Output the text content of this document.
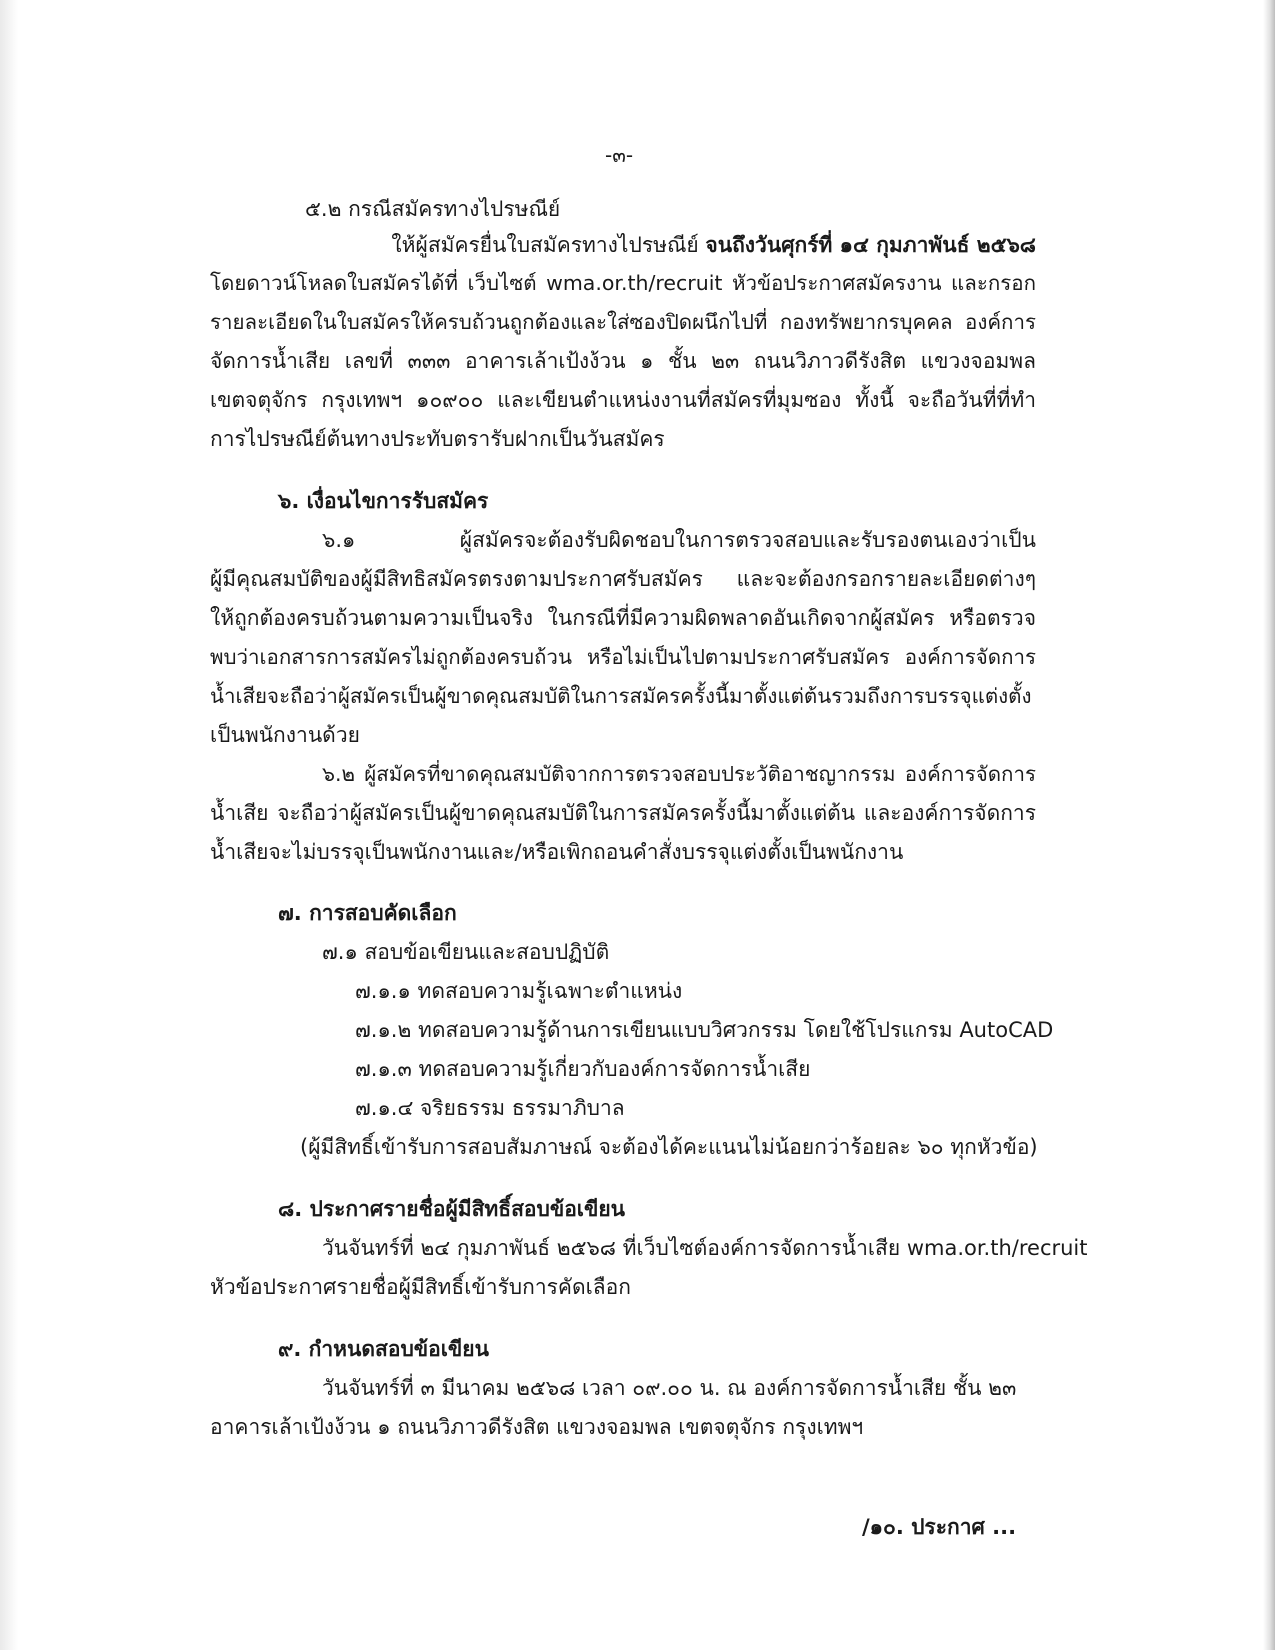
-๓-

๕.๒ กรณีสมัครทางไปรษณีย์

ให้ผู้สมัครยื่นใบสมัครทางไปรษณีย์ จนถึงวันศุกร์ที่ ๑๔ กุมภาพันธ์ ๒๕๖๘

โดยดาวน์โหลดใบสมัครได้ที่ เว็บไซต์ wma.or.th/recruit หัวข้อประกาศสมัครงาน และกรอก

รายละเอียดในใบสมัครให้ครบถ้วนถูกต้องและใส่ซองปิดผนึกไปที่ กองทรัพยากรบุคคล องค์การ

จัดการน้ำเสีย เลขที่ ๓๓๓ อาคารเล้าเป้งง้วน ๑ ชั้น ๒๓ ถนนวิภาวดีรังสิต แขวงจอมพล

เขตจตุจักร กรุงเทพฯ ๑๐๙๐๐ และเขียนตำแหน่งงานที่สมัครที่มุมซอง ทั้งนี้ จะถือวันที่ที่ทำ

การไปรษณีย์ต้นทางประทับตรารับฝากเป็นวันสมัคร

๖. เงื่อนไขการรับสมัคร

๖.๑ ผู้สมัครจะต้องรับผิดชอบในการตรวจสอบและรับรองตนเองว่าเป็น

ผู้มีคุณสมบัติของผู้มีสิทธิสมัครตรงตามประกาศรับสมัคร และจะต้องกรอกรายละเอียดต่างๆ

ให้ถูกต้องครบถ้วนตามความเป็นจริง ในกรณีที่มีความผิดพลาดอันเกิดจากผู้สมัคร หรือตรวจ

พบว่าเอกสารการสมัครไม่ถูกต้องครบถ้วน หรือไม่เป็นไปตามประกาศรับสมัคร องค์การจัดการ

น้ำเสียจะถือว่าผู้สมัครเป็นผู้ขาดคุณสมบัติในการสมัครครั้งนี้มาตั้งแต่ต้นรวมถึงการบรรจุแต่งตั้ง

เป็นพนักงานด้วย

๖.๒ ผู้สมัครที่ขาดคุณสมบัติจากการตรวจสอบประวัติอาชญากรรม องค์การจัดการ

น้ำเสีย จะถือว่าผู้สมัครเป็นผู้ขาดคุณสมบัติในการสมัครครั้งนี้มาตั้งแต่ต้น และองค์การจัดการ

น้ำเสียจะไม่บรรจุเป็นพนักงานและ/หรือเพิกถอนคำสั่งบรรจุแต่งตั้งเป็นพนักงาน

๗. การสอบคัดเลือก

๗.๑ สอบข้อเขียนและสอบปฏิบัติ

๗.๑.๑ ทดสอบความรู้เฉพาะตำแหน่ง

๗.๑.๒ ทดสอบความรู้ด้านการเขียนแบบวิศวกรรม โดยใช้โปรแกรม AutoCAD

๗.๑.๓ ทดสอบความรู้เกี่ยวกับองค์การจัดการน้ำเสีย

๗.๑.๔ จริยธรรม ธรรมาภิบาล

(ผู้มีสิทธิ์เข้ารับการสอบสัมภาษณ์ จะต้องได้คะแนนไม่น้อยกว่าร้อยละ ๖๐ ทุกหัวข้อ)

๘. ประกาศรายชื่อผู้มีสิทธิ์สอบข้อเขียน

วันจันทร์ที่ ๒๔ กุมภาพันธ์ ๒๕๖๘ ที่เว็บไซต์องค์การจัดการน้ำเสีย wma.or.th/recruit

หัวข้อประกาศรายชื่อผู้มีสิทธิ์เข้ารับการคัดเลือก

๙. กำหนดสอบข้อเขียน

วันจันทร์ที่ ๓ มีนาคม ๒๕๖๘ เวลา ๐๙.๐๐ น. ณ องค์การจัดการน้ำเสีย ชั้น ๒๓

อาคารเล้าเป้งง้วน ๑ ถนนวิภาวดีรังสิต แขวงจอมพล เขตจตุจักร กรุงเทพฯ

/๑๐. ประกาศ ...
